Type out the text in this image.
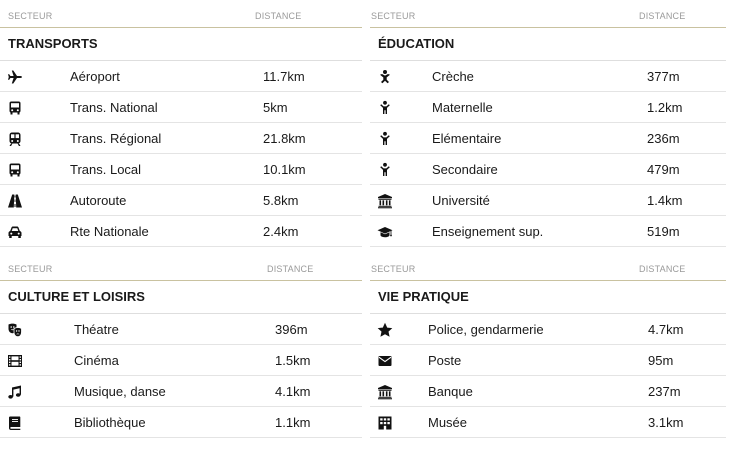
SECTEUR	DISTANCE
TRANSPORTS
Aéroport	11.7km
Trans. National	5km
Trans. Régional	21.8km
Trans. Local	10.1km
Autoroute	5.8km
Rte Nationale	2.4km
SECTEUR	DISTANCE
ÉDUCATION
Crèche	377m
Maternelle	1.2km
Elémentaire	236m
Secondaire	479m
Université	1.4km
Enseignement sup.	519m
SECTEUR	DISTANCE
CULTURE ET LOISIRS
Théatre	396m
Cinéma	1.5km
Musique, danse	4.1km
Bibliothèque	1.1km
SECTEUR	DISTANCE
VIE PRATIQUE
Police, gendarmerie	4.7km
Poste	95m
Banque	237m
Musée	3.1km
